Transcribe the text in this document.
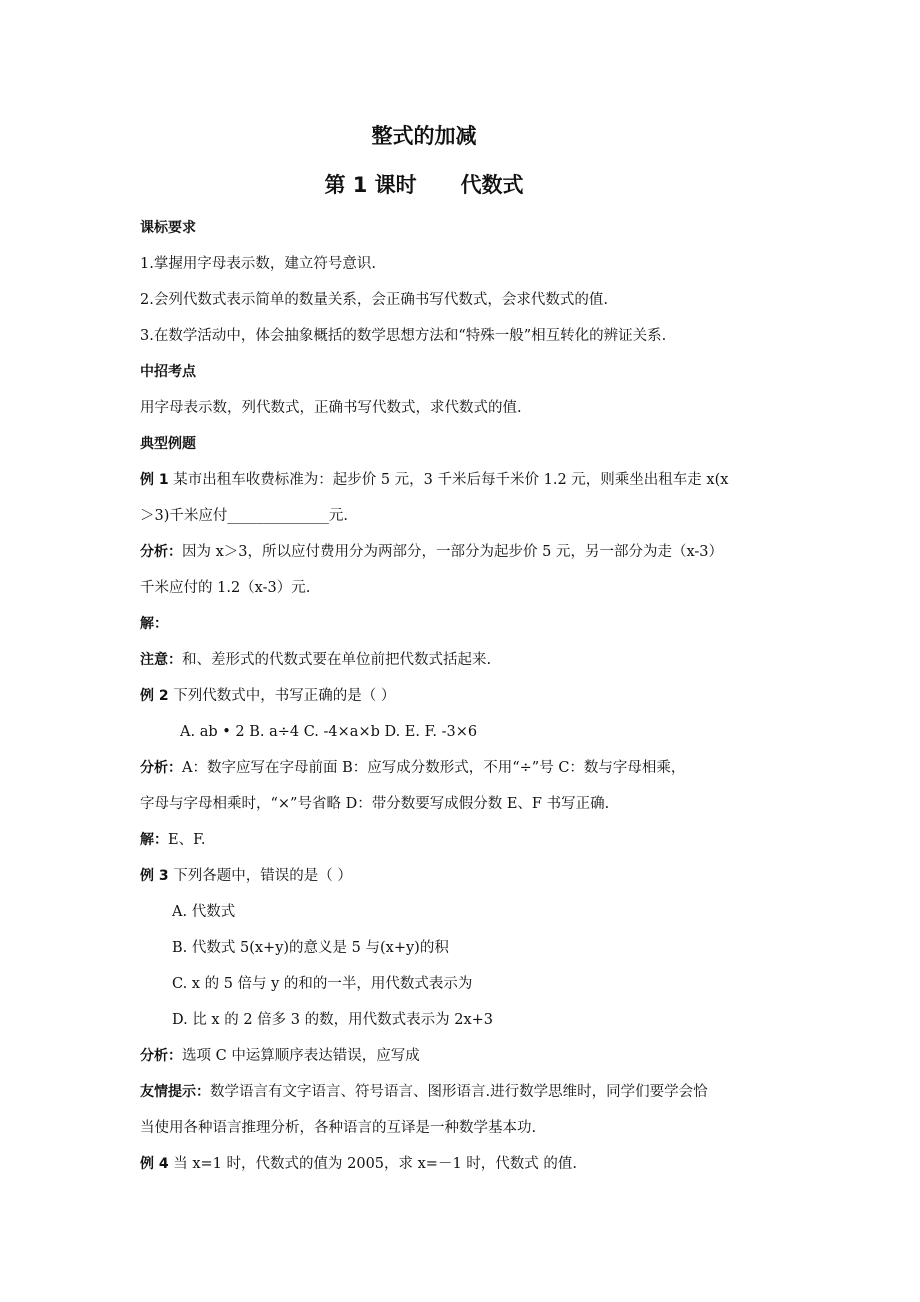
整式的加减
第 1 课时      代数式
课标要求
1.掌握用字母表示数，建立符号意识.
2.会列代数式表示简单的数量关系，会正确书写代数式，会求代数式的值.
3.在数学活动中，体会抽象概括的数学思想方法和“特殊一般”相互转化的辨证关系.
中招考点
用字母表示数，列代数式，正确书写代数式，求代数式的值.
典型例题
例 1 某市出租车收费标准为：起步价 5 元，3 千米后每千米价 1.2 元，则乘坐出租车走 x(x
＞3)千米应付______________元.
分析：因为 x＞3，所以应付费用分为两部分，一部分为起步价 5 元，另一部分为走（x-3）
千米应付的 1.2（x-3）元.
解：
注意：和、差形式的代数式要在单位前把代数式括起来.
例 2 下列代数式中，书写正确的是（ ）
A. ab • 2 B. a÷4 C. -4×a×b D. E. F. -3×6
分析：A：数字应写在字母前面 B：应写成分数形式，不用“÷”号 C：数与字母相乘，
字母与字母相乘时，“×”号省略 D：带分数要写成假分数 E、F 书写正确.
解：E、F.
例 3 下列各题中，错误的是（ ）
A. 代数式
B. 代数式 5(x+y)的意义是 5 与(x+y)的积
C. x 的 5 倍与 y 的和的一半，用代数式表示为
D. 比 x 的 2 倍多 3 的数，用代数式表示为 2x+3
分析：选项 C 中运算顺序表达错误，应写成
友情提示：数学语言有文字语言、符号语言、图形语言.进行数学思维时，同学们要学会恰
当使用各种语言推理分析，各种语言的互译是一种数学基本功.
例 4 当 x=1 时，代数式的值为 2005，求 x=－1 时，代数式 的值.
